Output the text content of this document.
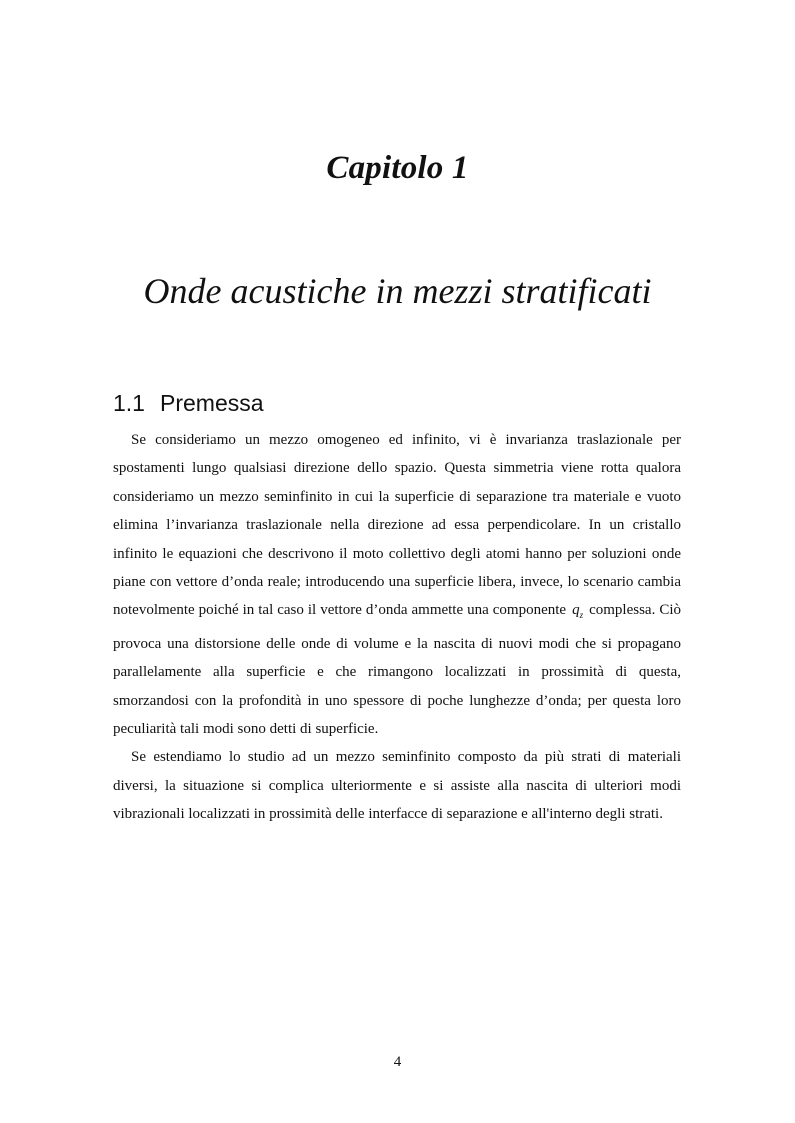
Capitolo 1
Onde acustiche in mezzi stratificati
1.1 Premessa

Se consideriamo un mezzo omogeneo ed infinito, vi è invarianza traslazionale per spostamenti lungo qualsiasi direzione dello spazio. Questa simmetria viene rotta qualora consideriamo un mezzo seminfinito in cui la superficie di separazione tra materiale e vuoto elimina l’invarianza traslazionale nella direzione ad essa perpendicolare. In un cristallo infinito le equazioni che descrivono il moto collettivo degli atomi hanno per soluzioni onde piane con vettore d’onda reale; introducendo una superficie libera, invece, lo scenario cambia notevolmente poiché in tal caso il vettore d’onda ammette una componente $q_z$ complessa. Ciò provoca una distorsione delle onde di volume e la nascita di nuovi modi che si propagano parallelamente alla superficie e che rimangono localizzati in prossimità di questa, smorzandosi con la profondità in uno spessore di poche lunghezze d’onda; per questa loro peculiarità tali modi sono detti di superficie.

Se estendiamo lo studio ad un mezzo seminfinito composto da più strati di materiali diversi, la situazione si complica ulteriormente e si assiste alla nascita di ulteriori modi vibrazionali localizzati in prossimità delle interfacce di separazione e all'interno degli strati.

4
